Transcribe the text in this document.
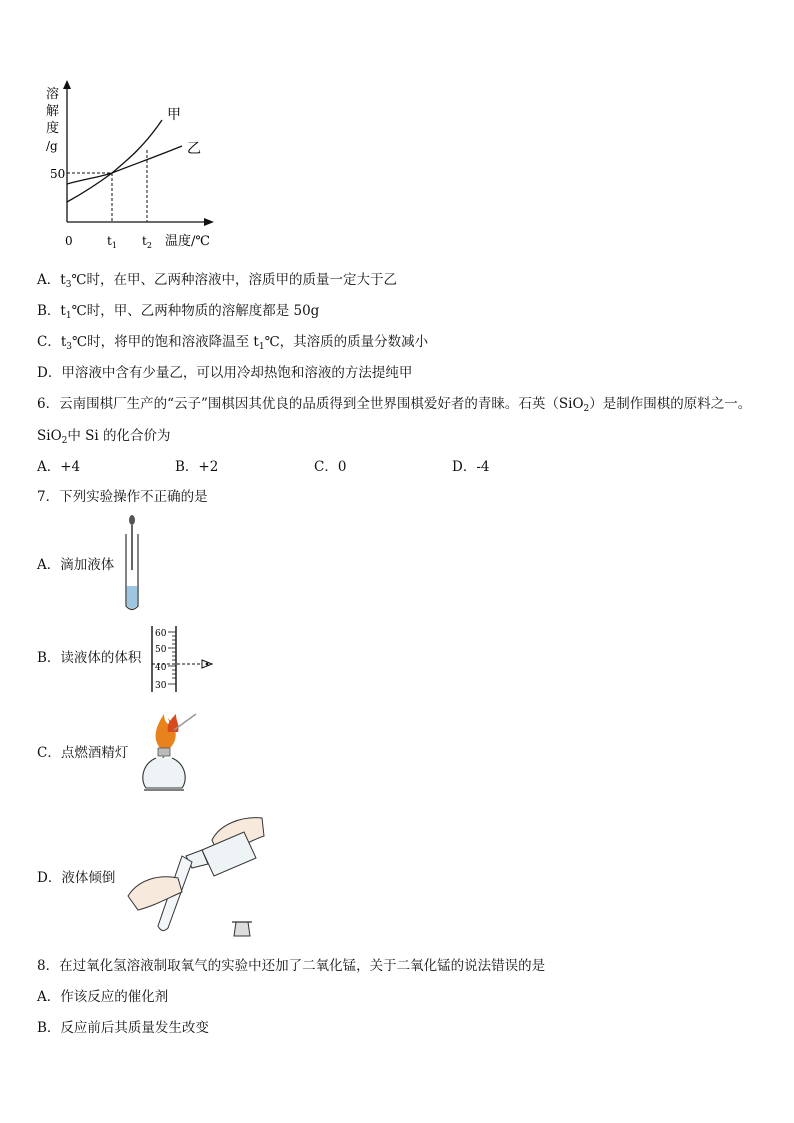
溶
解
度
/g
50
0	$t_1$ $t_2$ 温度/℃
甲
乙
A．$t_3℃$时，在甲、乙两种溶液中，溶质甲的质量一定大于乙
B．$t_1℃$时，甲、乙两种物质的溶解度都是 50g
C．$t_3℃$时，将甲的饱和溶液降温至 $t_1℃$，其溶质的质量分数减小
D．甲溶液中含有少量乙，可以用冷却热饱和溶液的方法提纯甲
6．云南围棋厂生产的“云子”围棋因其优良的品质得到全世界围棋爱好者的青睐。石英（SiO$_2$）是制作围棋的原料之一。
SiO$_2$中 Si 的化合价为
A．+4	B．+2	C．0	D．-4
7．下列实验操作不正确的是
A．滴加液体
B．读液体的体积
60
50
40
30
C．点燃酒精灯
D．液体倾倒
8．在过氧化氢溶液制取氧气的实验中还加了二氧化锰，关于二氧化锰的说法错误的是
A．作该反应的催化剂
B．反应前后其质量发生改变
